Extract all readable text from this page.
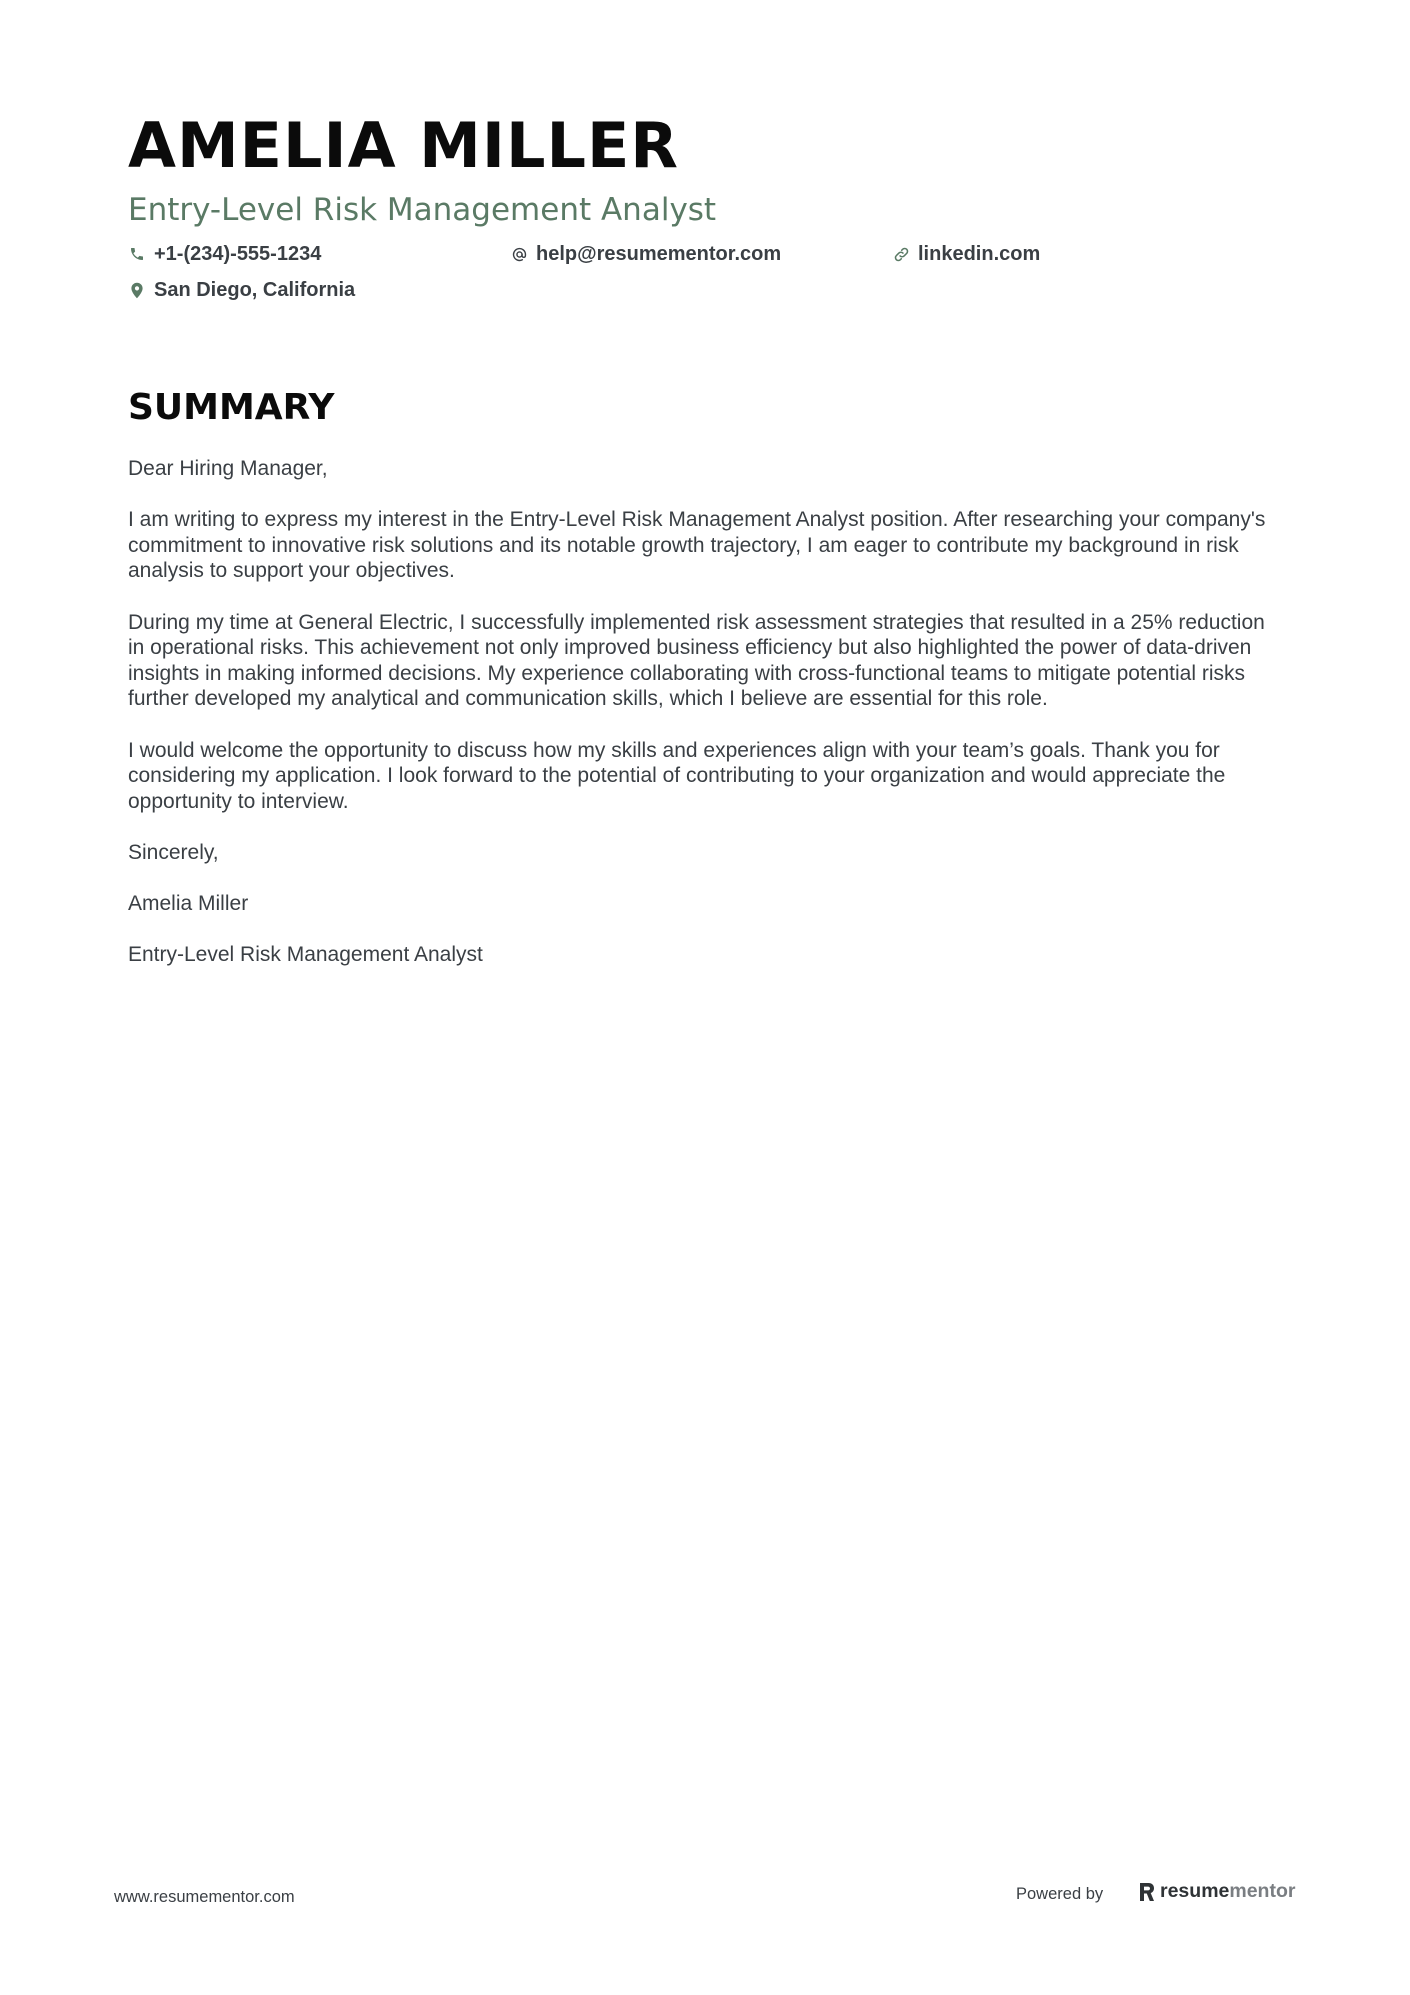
AMELIA MILLER
Entry-Level Risk Management Analyst
+1-(234)-555-1234	help@resumementor.com	linkedin.com
San Diego, California
SUMMARY

Dear Hiring Manager,

I am writing to express my interest in the Entry-Level Risk Management Analyst position. After researching your company's commitment to innovative risk solutions and its notable growth trajectory, I am eager to contribute my background in risk analysis to support your objectives.

During my time at General Electric, I successfully implemented risk assessment strategies that resulted in a 25% reduction in operational risks. This achievement not only improved business efficiency but also highlighted the power of data-driven insights in making informed decisions. My experience collaborating with cross-functional teams to mitigate potential risks further developed my analytical and communication skills, which I believe are essential for this role.

I would welcome the opportunity to discuss how my skills and experiences align with your team’s goals. Thank you for considering my application. I look forward to the potential of contributing to your organization and would appreciate the opportunity to interview.

Sincerely,

Amelia Miller

Entry-Level Risk Management Analyst

www.resumementor.com	Powered by	resume mentor
